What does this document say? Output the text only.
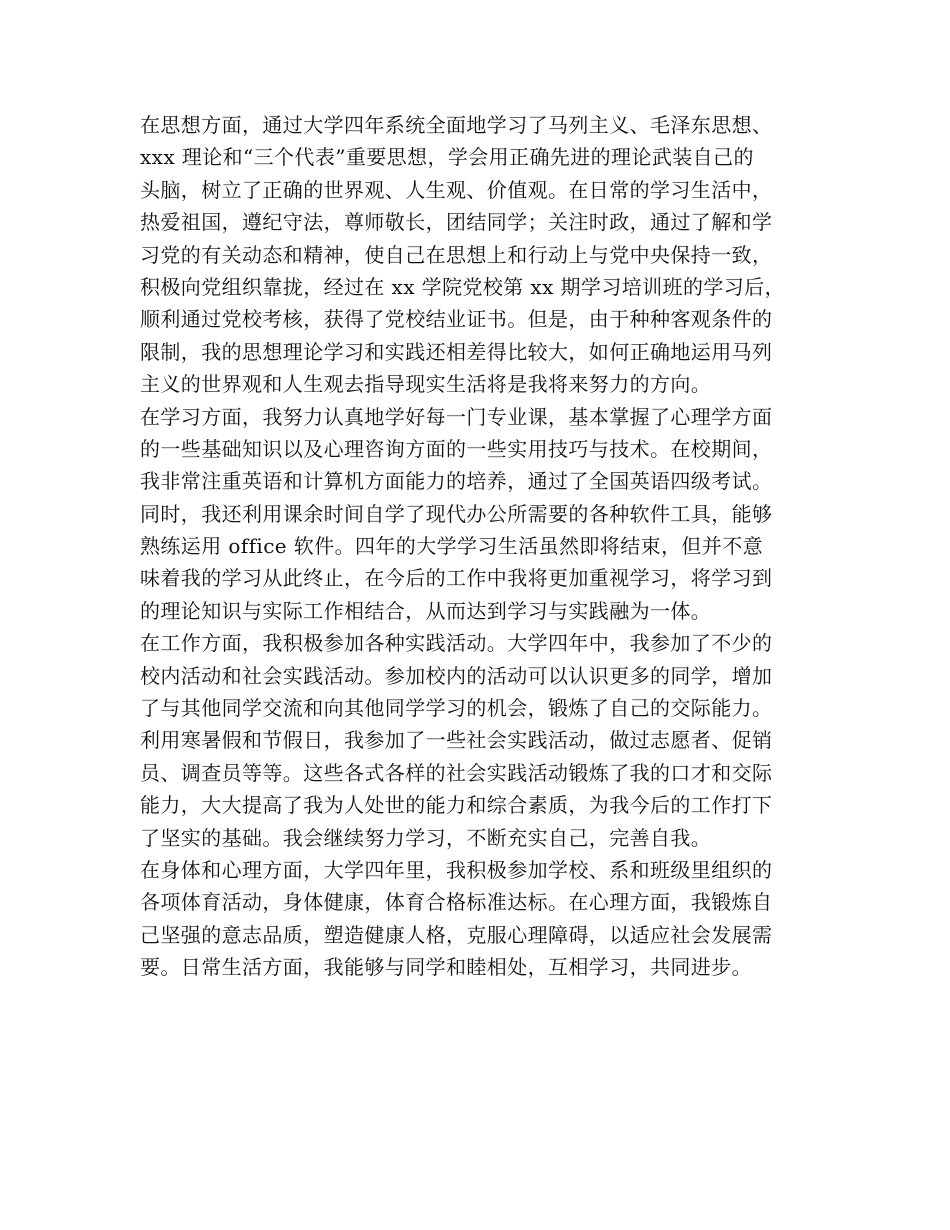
在思想方面，通过大学四年系统全面地学习了马列主义、毛泽东思想、
xxx 理论和“三个代表”重要思想，学会用正确先进的理论武装自己的
头脑，树立了正确的世界观、人生观、价值观。在日常的学习生活中，
热爱祖国，遵纪守法，尊师敬长，团结同学；关注时政，通过了解和学
习党的有关动态和精神，使自己在思想上和行动上与党中央保持一致，
积极向党组织靠拢，经过在 xx 学院党校第 xx 期学习培训班的学习后，
顺利通过党校考核，获得了党校结业证书。但是，由于种种客观条件的
限制，我的思想理论学习和实践还相差得比较大，如何正确地运用马列
主义的世界观和人生观去指导现实生活将是我将来努力的方向。

在学习方面，我努力认真地学好每一门专业课，基本掌握了心理学方面
的一些基础知识以及心理咨询方面的一些实用技巧与技术。在校期间，
我非常注重英语和计算机方面能力的培养，通过了全国英语四级考试。
同时，我还利用课余时间自学了现代办公所需要的各种软件工具，能够
熟练运用 office 软件。四年的大学学习生活虽然即将结束，但并不意
味着我的学习从此终止，在今后的工作中我将更加重视学习，将学习到
的理论知识与实际工作相结合，从而达到学习与实践融为一体。

在工作方面，我积极参加各种实践活动。大学四年中，我参加了不少的
校内活动和社会实践活动。参加校内的活动可以认识更多的同学，增加
了与其他同学交流和向其他同学学习的机会，锻炼了自己的交际能力。
利用寒暑假和节假日，我参加了一些社会实践活动，做过志愿者、促销
员、调查员等等。这些各式各样的社会实践活动锻炼了我的口才和交际
能力，大大提高了我为人处世的能力和综合素质，为我今后的工作打下
了坚实的基础。我会继续努力学习，不断充实自己，完善自我。

在身体和心理方面，大学四年里，我积极参加学校、系和班级里组织的
各项体育活动，身体健康，体育合格标准达标。在心理方面，我锻炼自
己坚强的意志品质，塑造健康人格，克服心理障碍，以适应社会发展需
要。日常生活方面，我能够与同学和睦相处，互相学习，共同进步。
